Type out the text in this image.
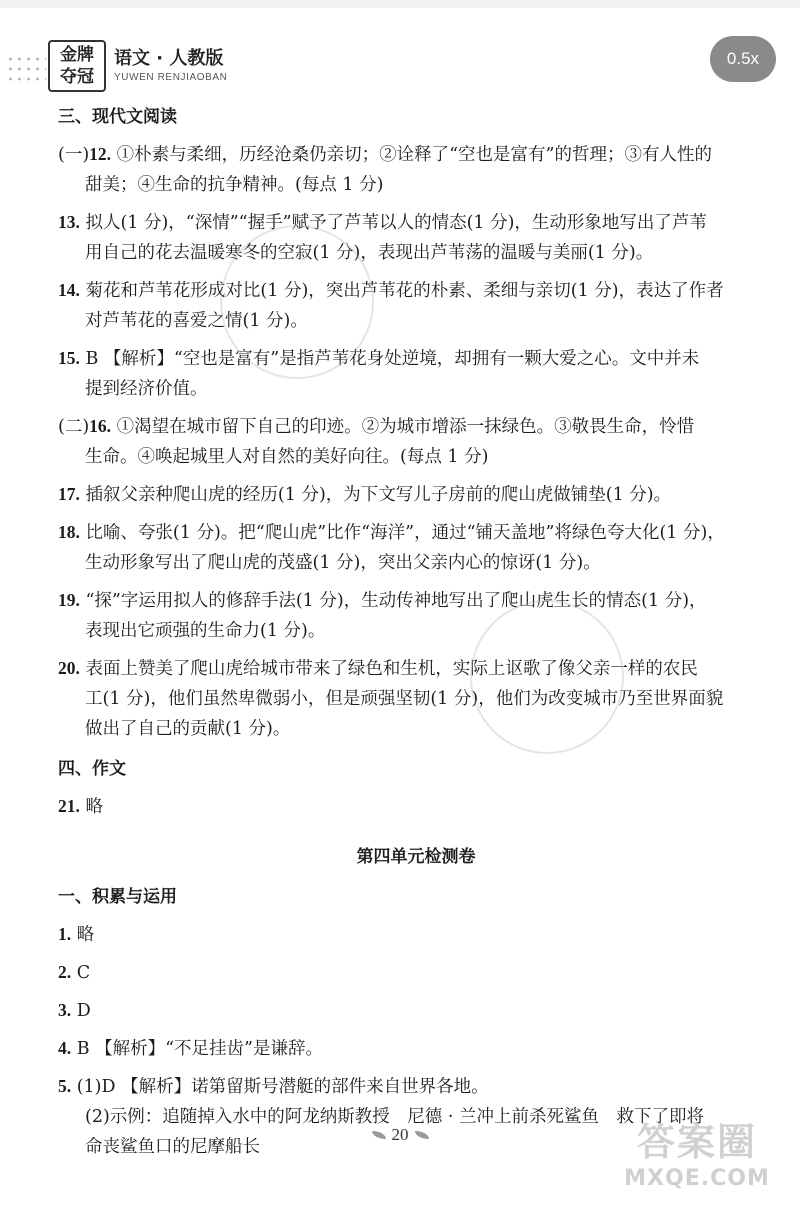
金牌
夺冠
语文 · 人教版
YUWEN RENJIAOBAN
0.5x

三、现代文阅读

(一)12. ①朴素与柔细，历经沧桑仍亲切；②诠释了“空也是富有”的哲理；③有人性的

甜美；④生命的抗争精神。(每点 1 分)

13. 拟人(1 分)，“深情”“握手”赋予了芦苇以人的情态(1 分)，生动形象地写出了芦苇

用自己的花去温暖寒冬的空寂(1 分)，表现出芦苇荡的温暖与美丽(1 分)。

14. 菊花和芦苇花形成对比(1 分)，突出芦苇花的朴素、柔细与亲切(1 分)，表达了作者

对芦苇花的喜爱之情(1 分)。

15. B 【解析】“空也是富有”是指芦苇花身处逆境，却拥有一颗大爱之心。文中并未

提到经济价值。

(二)16. ①渴望在城市留下自己的印迹。②为城市增添一抹绿色。③敬畏生命，怜惜

生命。④唤起城里人对自然的美好向往。(每点 1 分)

17. 插叙父亲种爬山虎的经历(1 分)，为下文写儿子房前的爬山虎做铺垫(1 分)。

18. 比喻、夸张(1 分)。把“爬山虎”比作“海洋”，通过“铺天盖地”将绿色夸大化(1 分)，

生动形象写出了爬山虎的茂盛(1 分)，突出父亲内心的惊讶(1 分)。

19. “探”字运用拟人的修辞手法(1 分)，生动传神地写出了爬山虎生长的情态(1 分)，

表现出它顽强的生命力(1 分)。

20. 表面上赞美了爬山虎给城市带来了绿色和生机，实际上讴歌了像父亲一样的农民

工(1 分)，他们虽然卑微弱小，但是顽强坚韧(1 分)，他们为改变城市乃至世界面貌

做出了自己的贡献(1 分)。

四、作文

21. 略

第四单元检测卷

一、积累与运用

1. 略

2. C

3. D

4. B 【解析】“不足挂齿”是谦辞。

5. (1)D 【解析】诺第留斯号潜艇的部件来自世界各地。

(2)示例：追随掉入水中的阿龙纳斯教授　尼德 · 兰冲上前杀死鲨鱼　救下了即将

命丧鲨鱼口的尼摩船长

20	答案圈
MXQE.COM
